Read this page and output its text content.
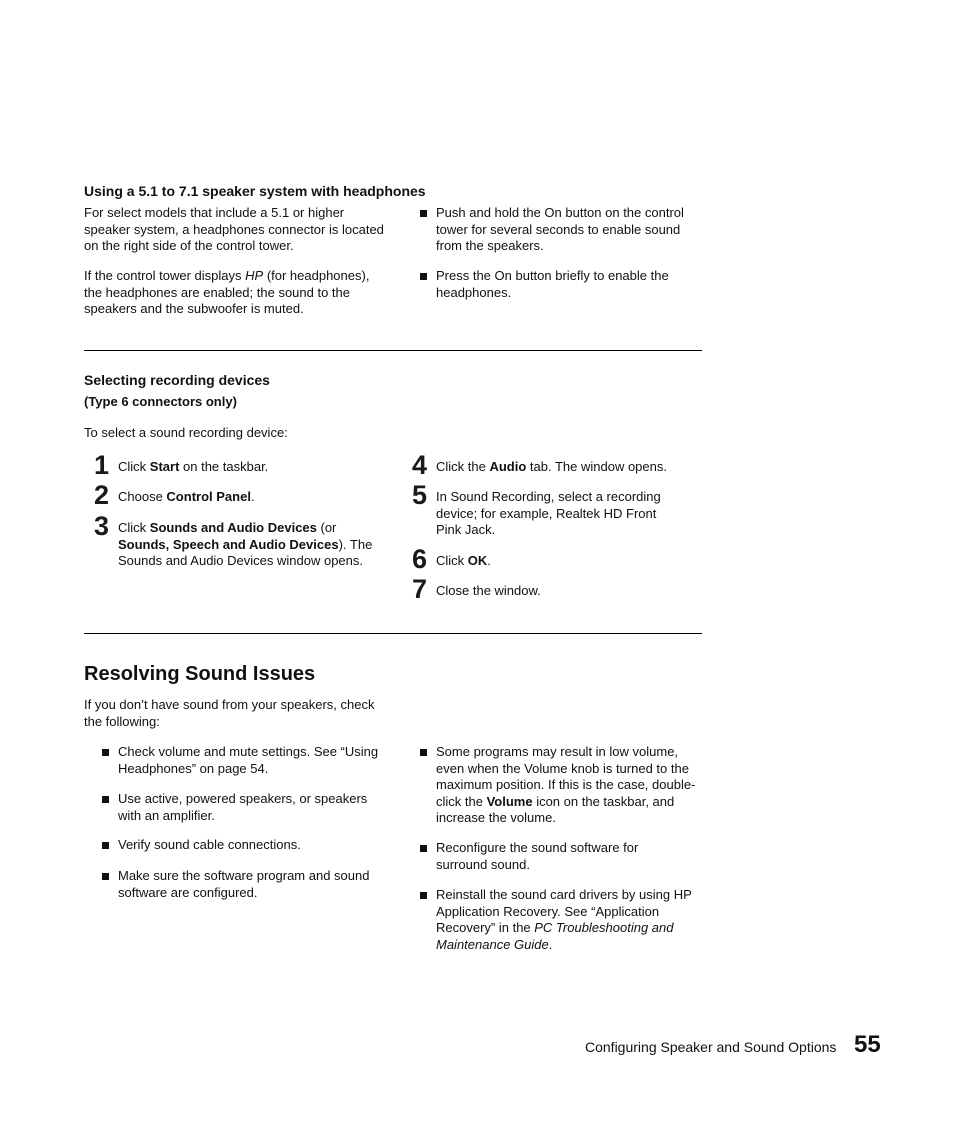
Using a 5.1 to 7.1 speaker system with headphones

For select models that include a 5.1 or higher speaker system, a headphones connector is located on the right side of the control tower.

If the control tower displays HP (for headphones), the headphones are enabled; the sound to the speakers and the subwoofer is muted.

Push and hold the On button on the control tower for several seconds to enable sound from the speakers.

Press the On button briefly to enable the headphones.

Selecting recording devices
(Type 6 connectors only)

To select a sound recording device:

1 Click Start on the taskbar.

2 Choose Control Panel.

3 Click Sounds and Audio Devices (or Sounds, Speech and Audio Devices). The Sounds and Audio Devices window opens.

4 Click the Audio tab. The window opens.

5 In Sound Recording, select a recording device; for example, Realtek HD Front Pink Jack.

6 Click OK.

7 Close the window.

Resolving Sound Issues

If you don’t have sound from your speakers, check the following:

Check volume and mute settings. See “Using Headphones” on page 54.

Use active, powered speakers, or speakers with an amplifier.

Verify sound cable connections.

Make sure the software program and sound software are configured.

Some programs may result in low volume, even when the Volume knob is turned to the maximum position. If this is the case, double-click the Volume icon on the taskbar, and increase the volume.

Reconfigure the sound software for surround sound.

Reinstall the sound card drivers by using HP Application Recovery. See “Application Recovery” in the PC Troubleshooting and Maintenance Guide.

Configuring Speaker and Sound Options 55
